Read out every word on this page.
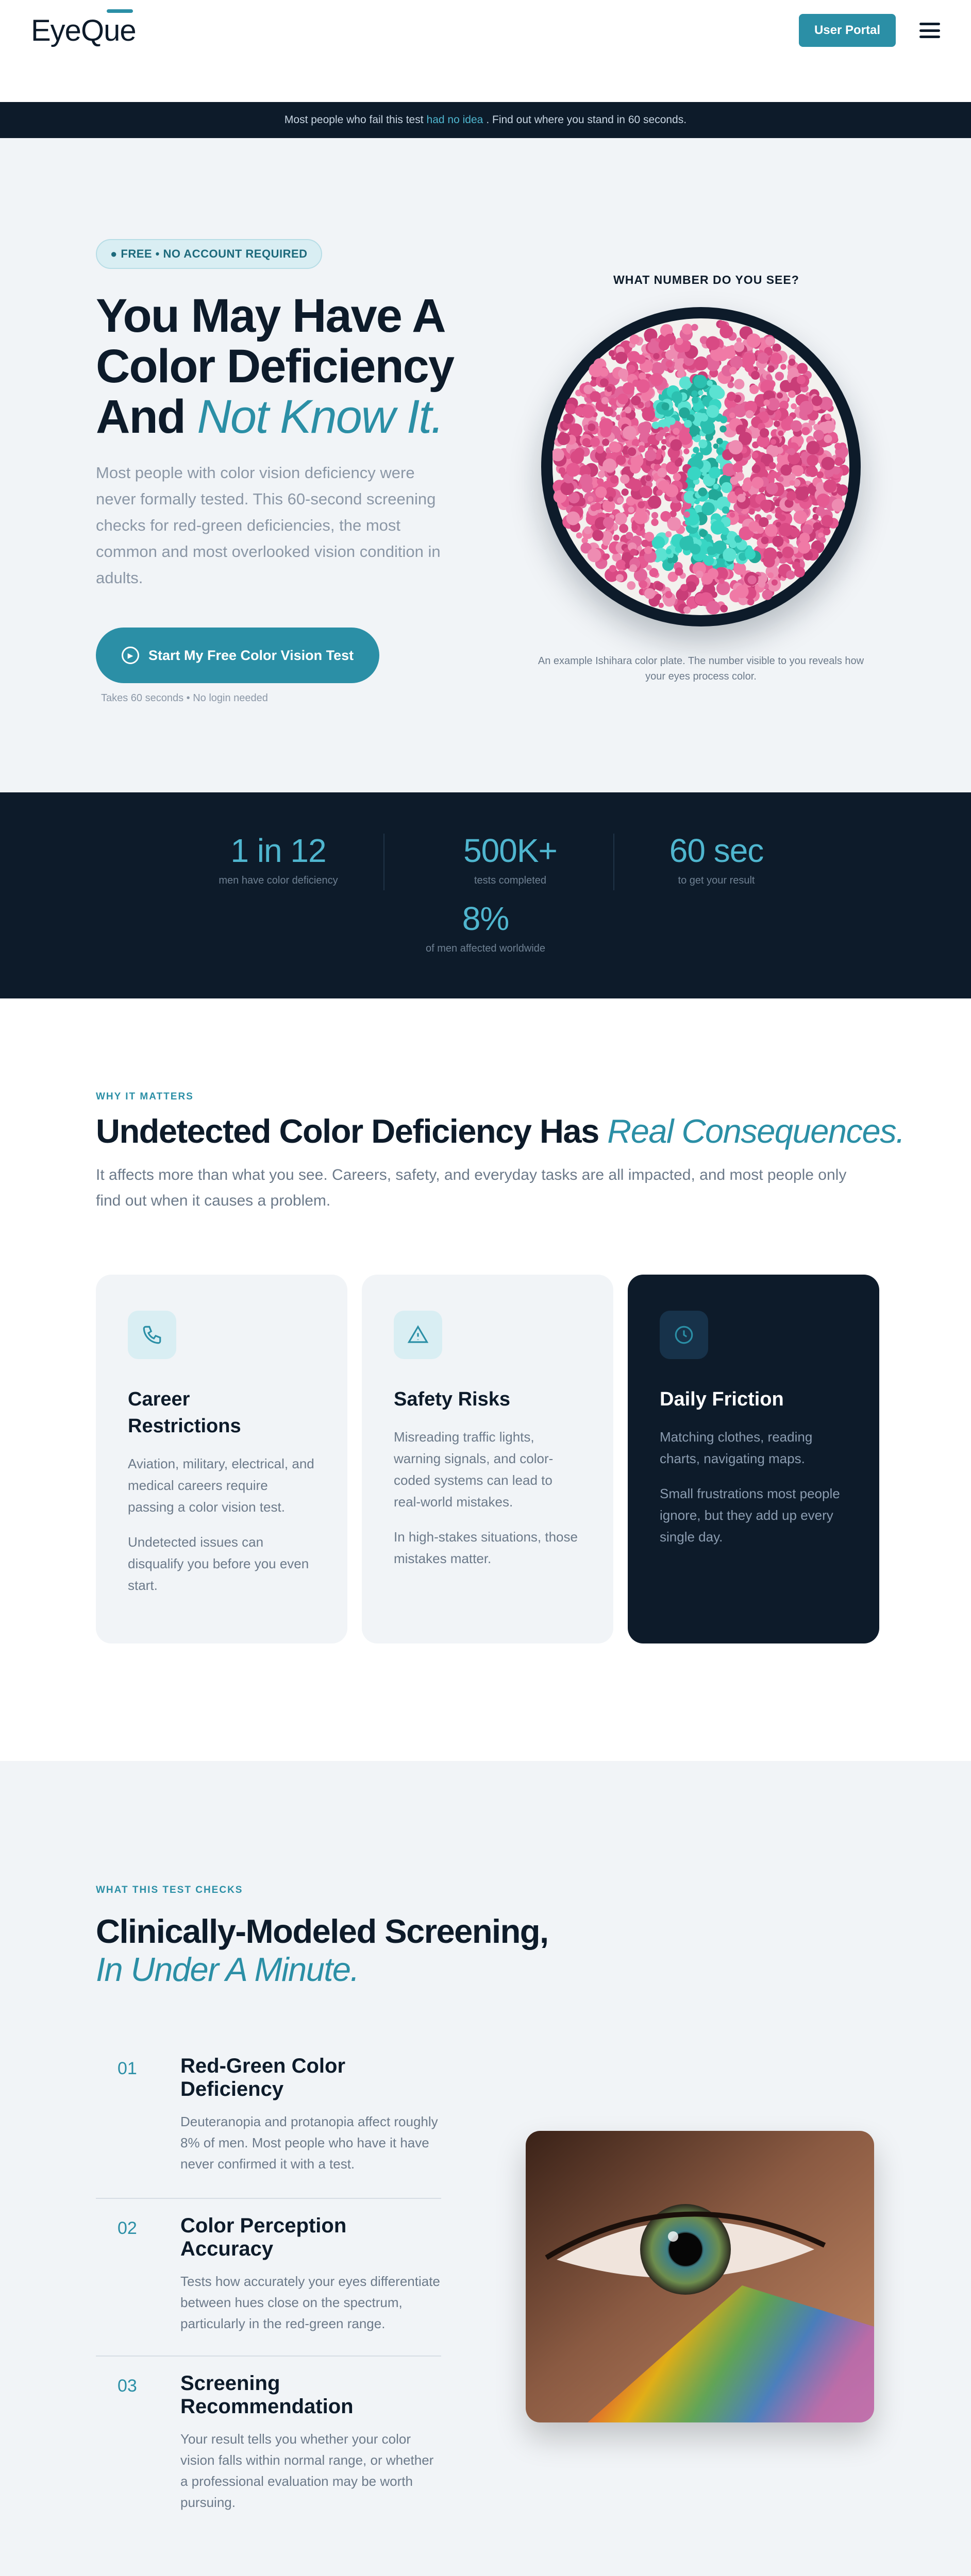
EyeQ ue	User Portal
Most people who fail this test had no idea . Find out where you stand in 60 seconds.
● FREE • NO ACCOUNT REQUIRED
You May Have A
Color Deficiency
And Not Know It.

Most people with color vision deficiency were never formally tested. This 60-second screening checks for red-green deficiencies, the most common and most overlooked vision condition in adults.

▶	Start My Free Color Vision Test
Takes 60 seconds • No login needed
WHAT NUMBER DO YOU SEE?
An example Ishihara color plate. The number visible to you reveals how your eyes process color.
1 in 12
men have color deficiency
500K+
tests completed
60 sec
to get your result
8%
of men affected worldwide
WHY IT MATTERS
Undetected Color Deficiency Has Real Consequences.

It affects more than what you see. Careers, safety, and everyday tasks are all impacted, and most people only find out when it causes a problem.

Career
Restrictions

Aviation, military, electrical, and medical careers require passing a color vision test.

Undetected issues can disqualify you before you even start.

Safety Risks

Misreading traffic lights, warning signals, and color-coded systems can lead to real-world mistakes.

In high-stakes situations, those mistakes matter.

Daily Friction

Matching clothes, reading charts, navigating maps.

Small frustrations most people ignore, but they add up every single day.

WHAT THIS TEST CHECKS
Clinically-Modeled Screening,
In Under A Minute.
01 Red-Green Color Deficiency

Deuteranopia and protanopia affect roughly 8% of men. Most people who have it have never confirmed it with a test.

02 Color Perception Accuracy

Tests how accurately your eyes differentiate between hues close on the spectrum, particularly in the red-green range.

03 Screening Recommendation

Your result tells you whether your color vision falls within normal range, or whether a professional evaluation may be worth pursuing.
